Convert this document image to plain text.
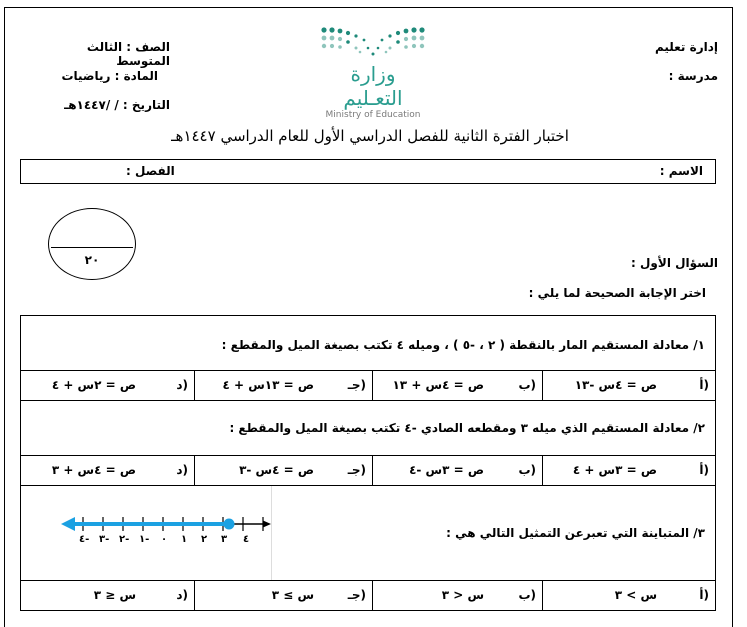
الصف : الثالث المتوسط
المادة : رياضيات
التاريخ : / /١٤٤٧هـ
إدارة تعليم
مدرسة :
وزارة التعـليم
Ministry of Education
اختبار الفترة الثانية للفصل الدراسي الأول للعام الدراسي ١٤٤٧هـ
الاسم :
الفصل :
٢٠	السؤال الأول :
اختر الإجابة الصحيحة لما يلي :
١/ معادلة المستقيم المار بالنقطة ( ٢ ، -٥ ) ، وميله ٤ تكتب بصيغة الميل والمقطع :
أ)
ص = ٤س -١٣
ب)
ص = ٤س + ١٣
جـ)
ص = ١٣س + ٤
د)
ص = ٢س + ٤
٢/ معادلة المستقيم الذي ميله ٣ ومقطعه الصادي -٤ تكتب بصيغة الميل والمقطع :
أ)
ص = ٣س + ٤
ب)
ص = ٣س -٤
جـ)
ص = ٤س -٣
د)
ص = ٤س + ٣
٣/ المتباينة التي تعبرعن التمثيل التالي هي :
٤- ٣- ٢- ١- ٠ ١ ٢ ٣ ٤
أ)
س > ٣
ب)
س < ٣
جـ)
س ≥ ٣
د)
س ≤ ٣
